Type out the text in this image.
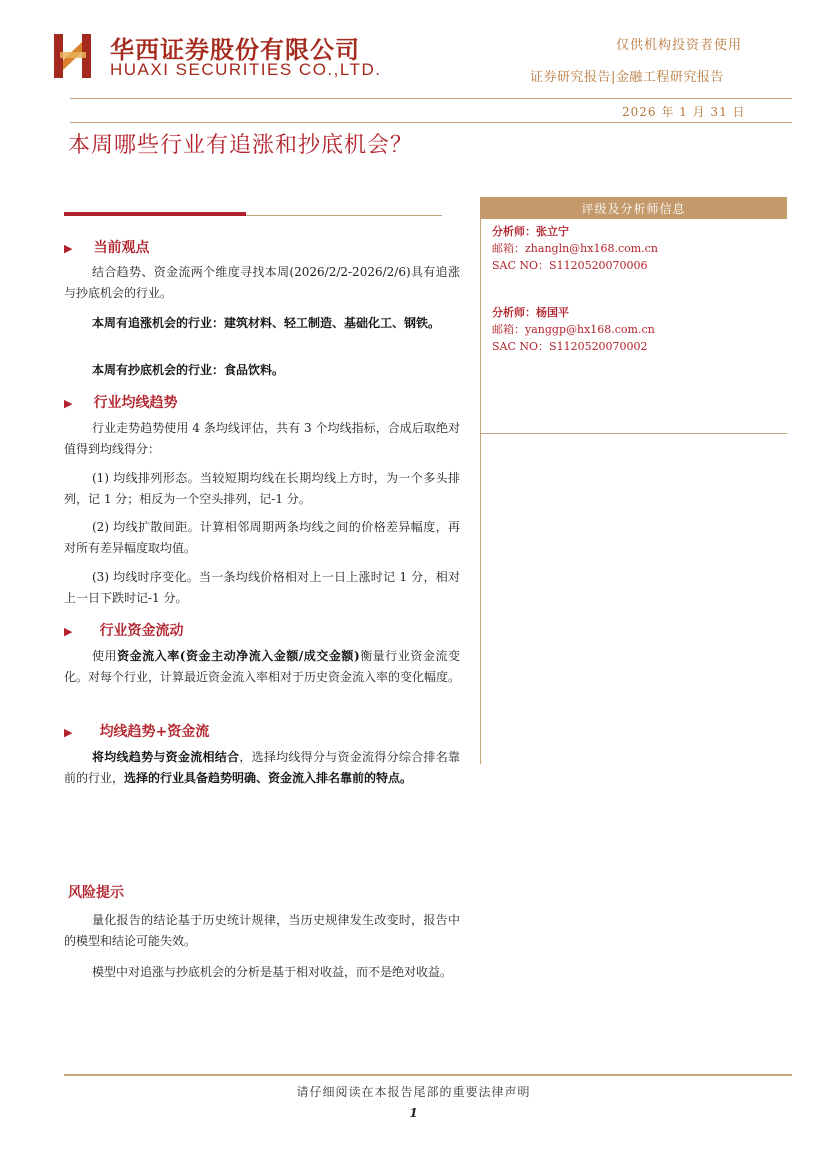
华西证券股份有限公司
HUAXI SECURITIES CO.,LTD.
仅供机构投资者使用
证券研究报告|金融工程研究报告
2026 年 1 月 31 日
本周哪些行业有追涨和抄底机会？
▶ 当前观点
结合趋势、资金流两个维度寻找本周(2026/2/2-2026/2/6)具有追涨与抄底机会的行业。
本周有追涨机会的行业：建筑材料、轻工制造、基础化工、钢铁。
本周有抄底机会的行业：食品饮料。
▶ 行业均线趋势
行业走势趋势使用 4 条均线评估，共有 3 个均线指标，合成后取绝对值得到均线得分：
(1) 均线排列形态。当较短期均线在长期均线上方时，为一个多头排列，记 1 分；相反为一个空头排列，记-1 分。
(2) 均线扩散间距。计算相邻周期两条均线之间的价格差异幅度，再对所有差异幅度取均值。
(3) 均线时序变化。当一条均线价格相对上一日上涨时记 1 分，相对上一日下跌时记-1 分。
▶ 行业资金流动
使用资金流入率(资金主动净流入金额/成交金额)衡量行业资金流变化。对每个行业，计算最近资金流入率相对于历史资金流入率的变化幅度。
▶ 均线趋势+资金流
将均线趋势与资金流相结合，选择均线得分与资金流得分综合排名靠前的行业，选择的行业具备趋势明确、资金流入排名靠前的特点。
风险提示
量化报告的结论基于历史统计规律，当历史规律发生改变时，报告中的模型和结论可能失效。
模型中对追涨与抄底机会的分析是基于相对收益，而不是绝对收益。
评级及分析师信息
分析师：张立宁
邮箱：zhangln@hx168.com.cn
SAC NO：S1120520070006
分析师：杨国平
邮箱：yanggp@hx168.com.cn
SAC NO：S1120520070002
请仔细阅读在本报告尾部的重要法律声明
1
